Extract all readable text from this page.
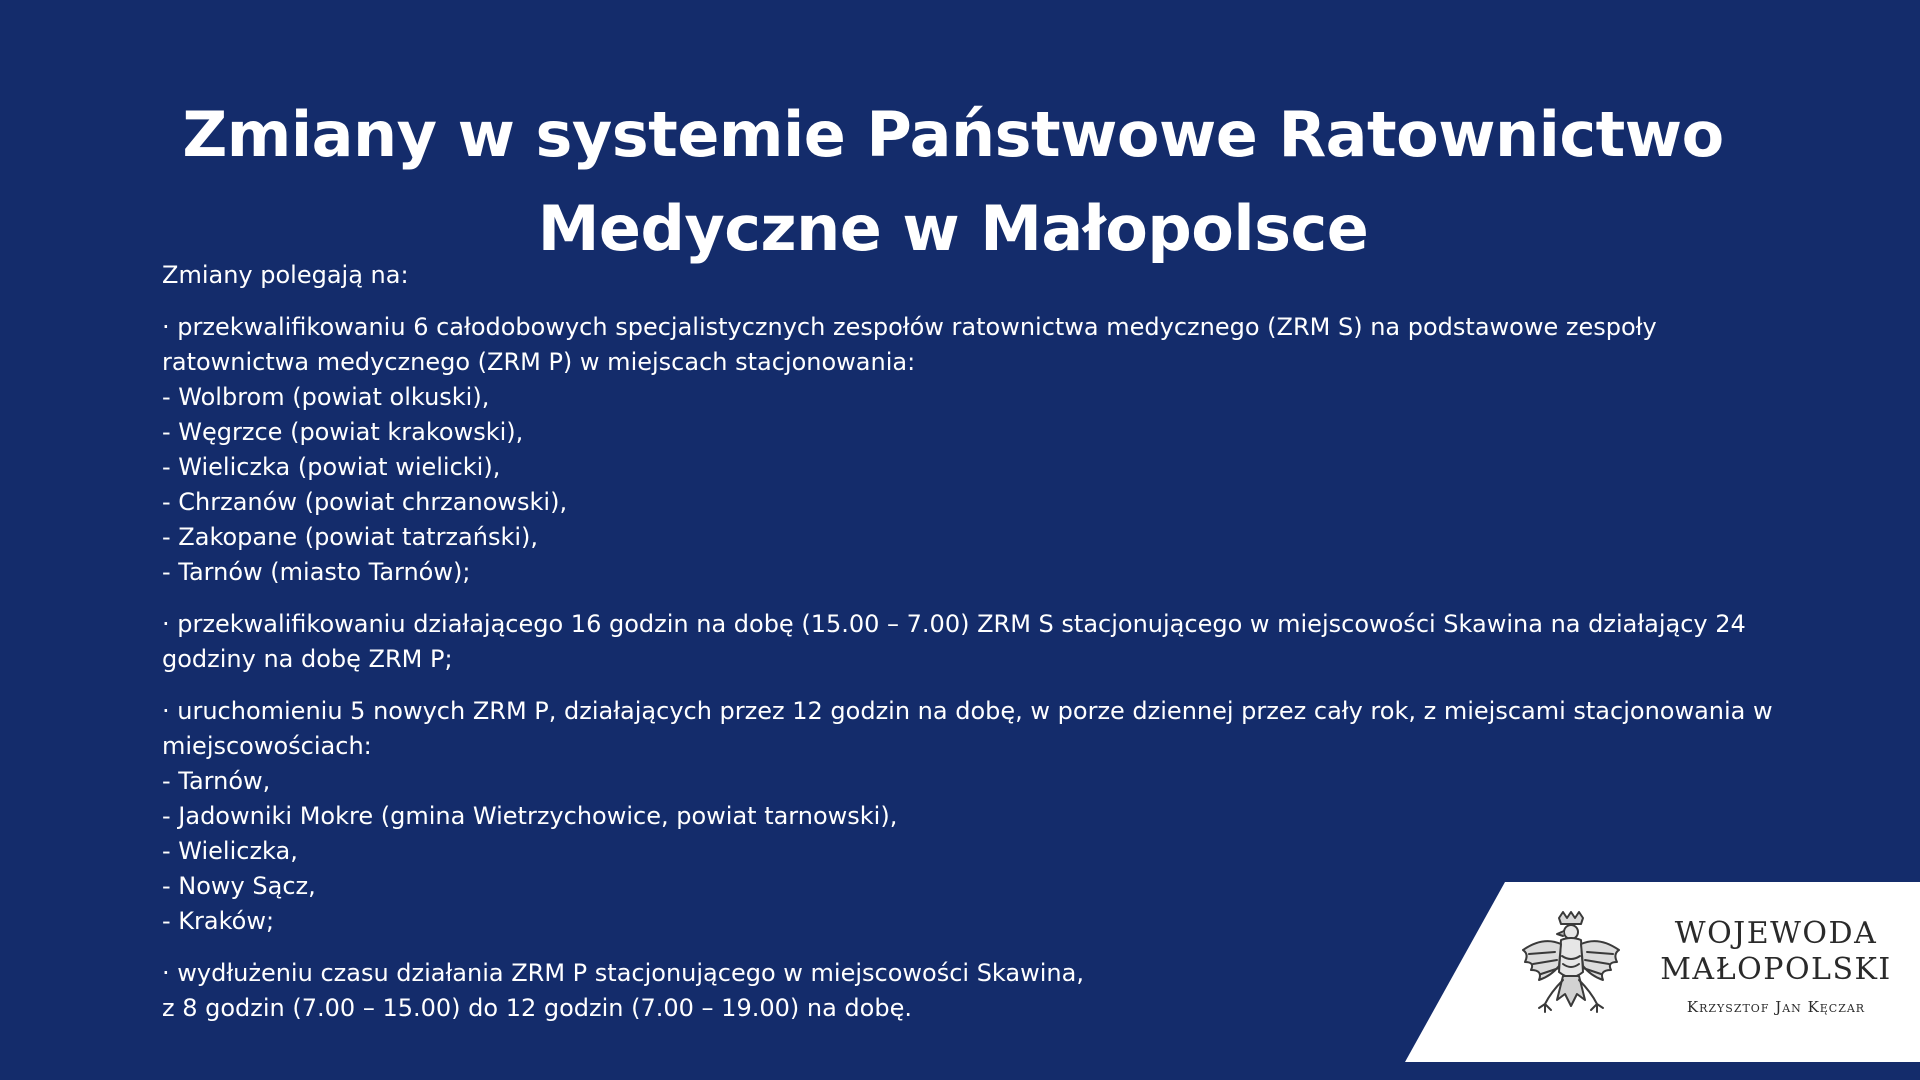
Zmiany w systemie Państwowe Ratownictwo
Medyczne w Małopolsce

Zmiany polegają na:

· przekwalifikowaniu 6 całodobowych specjalistycznych zespołów ratownictwa medycznego (ZRM S) na podstawowe zespoły ratownictwa medycznego (ZRM P) w miejscach stacjonowania:

- Wolbrom (powiat olkuski),
- Węgrzce (powiat krakowski),
- Wieliczka (powiat wielicki),
- Chrzanów (powiat chrzanowski),
- Zakopane (powiat tatrzański),
- Tarnów (miasto Tarnów);

· przekwalifikowaniu działającego 16 godzin na dobę (15.00 – 7.00) ZRM S stacjonującego w miejscowości Skawina na działający 24 godziny na dobę ZRM P;

· uruchomieniu 5 nowych ZRM P, działających przez 12 godzin na dobę, w porze dziennej przez cały rok, z miejscami stacjonowania w miejscowościach:

- Tarnów,
- Jadowniki Mokre (gmina Wietrzychowice, powiat tarnowski),
- Wieliczka,
- Nowy Sącz,
- Kraków;

· wydłużeniu czasu działania ZRM P stacjonującego w miejscowości Skawina,

z 8 godzin (7.00 – 15.00) do 12 godzin (7.00 – 19.00) na dobę.
WOJEWODA
MAŁOPOLSKI
Krzysztof Jan Kęczar
